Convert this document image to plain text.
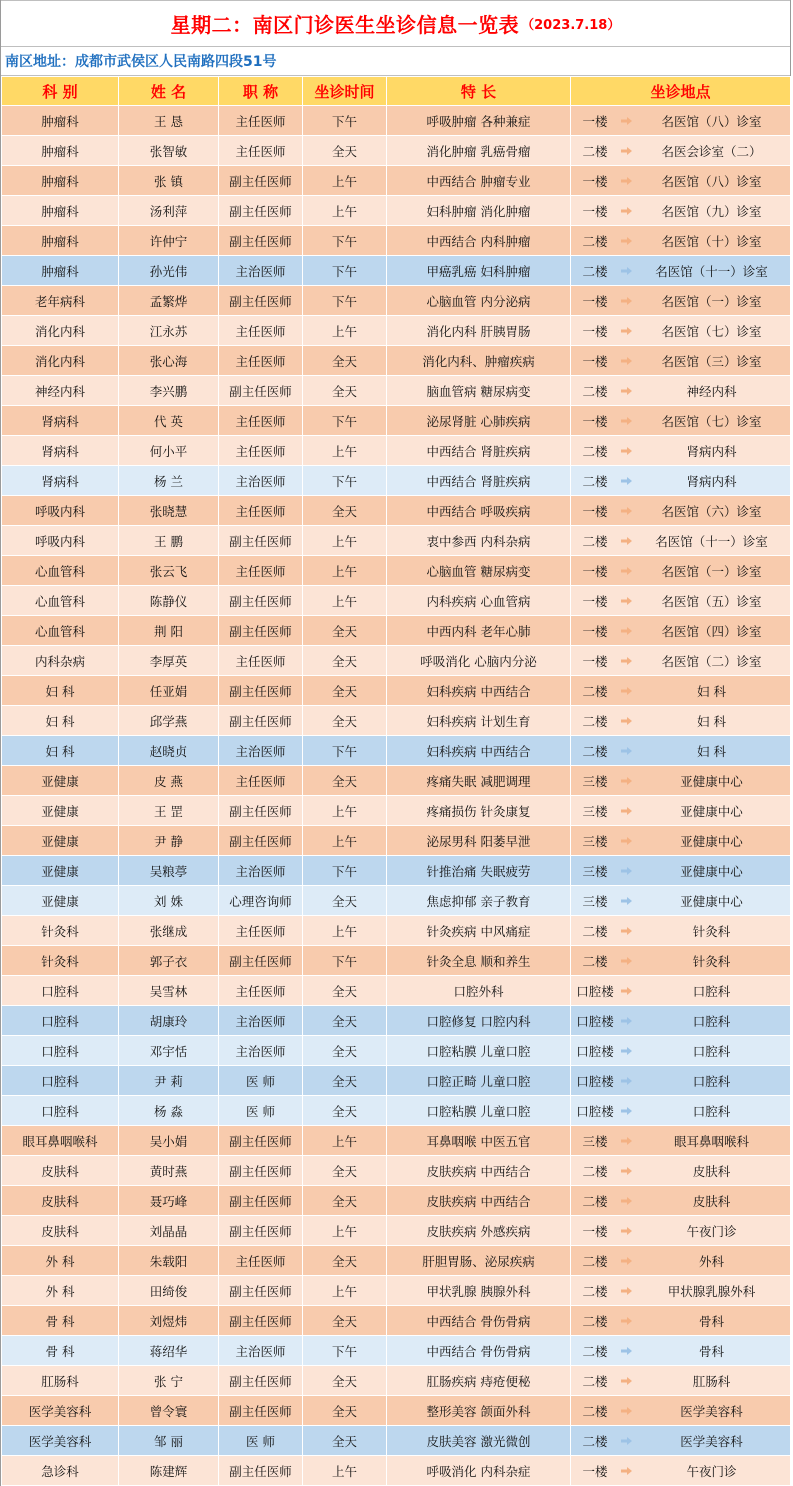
星期二：南区门诊医生坐诊信息一览表 （2023.7.18）
南区地址：成都市武侯区人民南路四段51号
科 别	姓 名	职 称	坐诊时间	特 长	坐诊地点
肿瘤科	王 恳	主任医师	下午	呼吸肿瘤 各种兼症	一楼 名医馆（八）诊室

肿瘤科	张智敏	主任医师	全天	消化肿瘤 乳癌骨瘤	二楼 名医会诊室（二）

肿瘤科	张 镇	副主任医师	上午	中西结合 肿瘤专业	一楼 名医馆（八）诊室

肿瘤科	汤利萍	副主任医师	上午	妇科肿瘤 消化肿瘤	一楼 名医馆（九）诊室

肿瘤科	许仲宁	副主任医师	下午	中西结合 内科肿瘤	二楼 名医馆（十）诊室

肿瘤科	孙光伟	主治医师	下午	甲癌乳癌 妇科肿瘤	二楼 名医馆（十一）诊室

老年病科	孟繁烨	副主任医师	下午	心脑血管 内分泌病	一楼 名医馆（一）诊室

消化内科	江永苏	主任医师	上午	消化内科 肝胰胃肠	一楼 名医馆（七）诊室

消化内科	张心海	主任医师	全天	消化内科、肿瘤疾病	一楼 名医馆（三）诊室

神经内科	李兴鹏	副主任医师	全天	脑血管病 糖尿病变	二楼 神经内科

肾病科	代 英	主任医师	下午	泌尿肾脏 心肺疾病	一楼 名医馆（七）诊室

肾病科	何小平	主任医师	上午	中西结合 肾脏疾病	二楼 肾病内科

肾病科	杨 兰	主治医师	下午	中西结合 肾脏疾病	二楼 肾病内科

呼吸内科	张晓慧	主任医师	全天	中西结合 呼吸疾病	一楼 名医馆（六）诊室

呼吸内科	王 鹏	副主任医师	上午	衷中参西 内科杂病	二楼 名医馆（十一）诊室

心血管科	张云飞	主任医师	上午	心脑血管 糖尿病变	一楼 名医馆（一）诊室

心血管科	陈静仪	副主任医师	上午	内科疾病 心血管病	一楼 名医馆（五）诊室

心血管科	荆 阳	副主任医师	全天	中西内科 老年心肺	一楼 名医馆（四）诊室

内科杂病	李厚英	主任医师	全天	呼吸消化 心脑内分泌	一楼 名医馆（二）诊室

妇 科	任亚娟	副主任医师	全天	妇科疾病 中西结合	二楼 妇 科

妇 科	邱学燕	副主任医师	全天	妇科疾病 计划生育	二楼 妇 科

妇 科	赵晓贞	主治医师	下午	妇科疾病 中西结合	二楼 妇 科

亚健康	皮 燕	主任医师	全天	疼痛失眠 减肥调理	三楼 亚健康中心

亚健康	王 罡	副主任医师	上午	疼痛损伤 针灸康复	三楼 亚健康中心

亚健康	尹 静	副主任医师	上午	泌尿男科 阳萎早泄	三楼 亚健康中心

亚健康	吴粮葶	主治医师	下午	针推治痛 失眠疲劳	三楼 亚健康中心

亚健康	刘 姝	心理咨询师	全天	焦虑抑郁 亲子教育	三楼 亚健康中心

针灸科	张继成	主任医师	上午	针灸疾病 中风痛症	二楼 针灸科

针灸科	郭子衣	副主任医师	下午	针灸全息 顺和养生	二楼 针灸科

口腔科	吴雪林	主任医师	全天	口腔外科	口腔楼 口腔科

口腔科	胡康玲	主治医师	全天	口腔修复 口腔内科	口腔楼 口腔科

口腔科	邓宇恬	主治医师	全天	口腔粘膜 儿童口腔	口腔楼 口腔科

口腔科	尹 莉	医 师	全天	口腔正畸 儿童口腔	口腔楼 口腔科

口腔科	杨 淼	医 师	全天	口腔粘膜 儿童口腔	口腔楼 口腔科

眼耳鼻咽喉科	吴小娟	副主任医师	上午	耳鼻咽喉 中医五官	三楼 眼耳鼻咽喉科

皮肤科	黄时燕	副主任医师	全天	皮肤疾病 中西结合	二楼 皮肤科

皮肤科	聂巧峰	副主任医师	全天	皮肤疾病 中西结合	二楼 皮肤科

皮肤科	刘晶晶	副主任医师	上午	皮肤疾病 外感疾病	一楼 午夜门诊

外 科	朱载阳	主任医师	全天	肝胆胃肠、泌尿疾病	二楼 外科

外 科	田绮俊	副主任医师	上午	甲状乳腺 胰腺外科	二楼 甲状腺乳腺外科

骨 科	刘煜炜	副主任医师	全天	中西结合 骨伤骨病	二楼 骨科

骨 科	蒋绍华	主治医师	下午	中西结合 骨伤骨病	二楼 骨科

肛肠科	张 宁	副主任医师	全天	肛肠疾病 痔疮便秘	二楼 肛肠科

医学美容科	曾令寰	副主任医师	全天	整形美容 颌面外科	二楼 医学美容科

医学美容科	邹 丽	医 师	全天	皮肤美容 激光微创	二楼 医学美容科

急诊科	陈建辉	副主任医师	上午	呼吸消化 内科杂症	一楼 午夜门诊
